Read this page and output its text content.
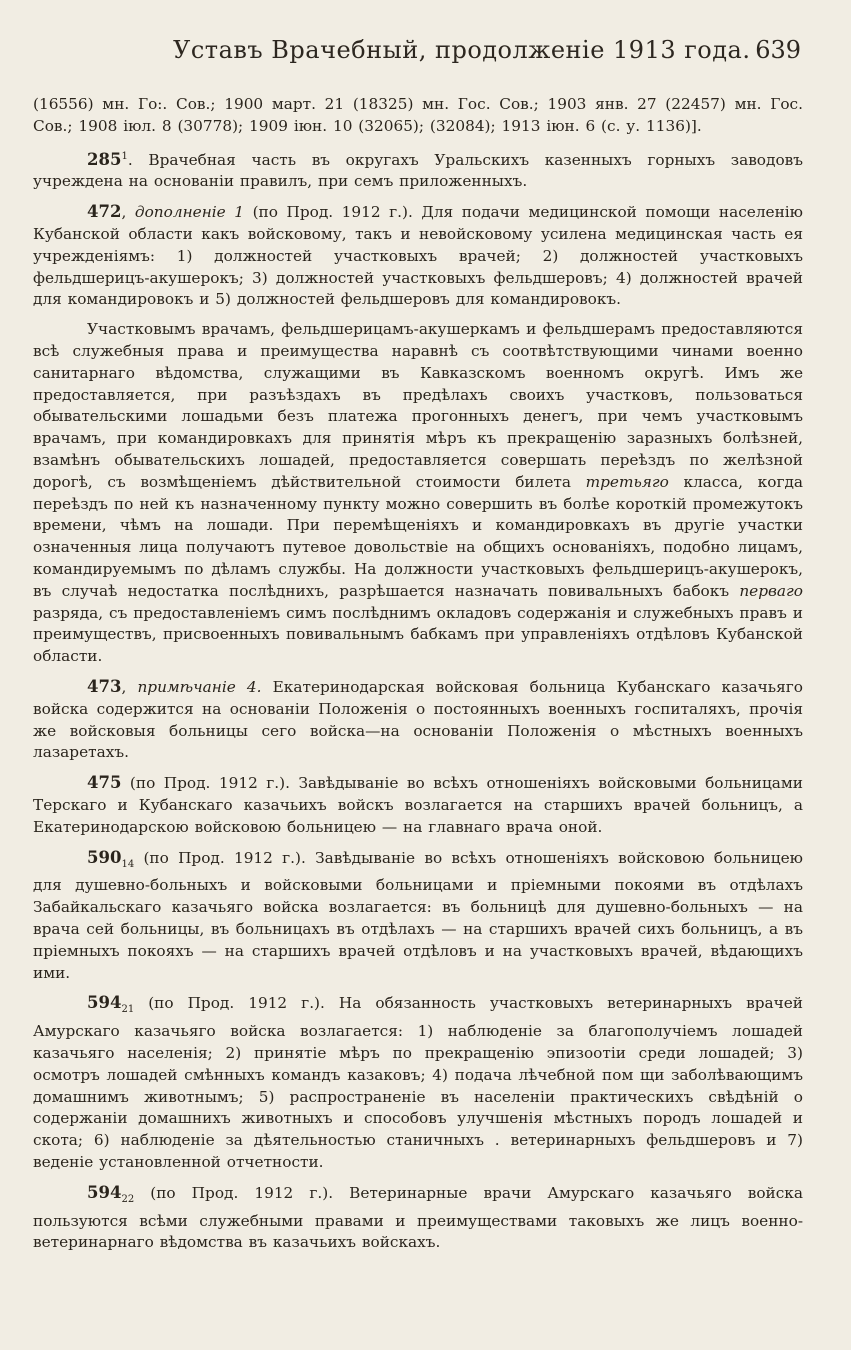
Уставъ Врачебный, продолженіе 1913 года. 639

(16556) мн. Го:. Сов.; 1900 март. 21 (18325) мн. Гос. Сов.; 1903 янв. 27 (22457) мн. Гос. Сов.; 1908 іюл. 8 (30778); 1909 іюн. 10 (32065); (32084); 1913 іюн. 6 (с. у. 1136)].

$285^1$. Врачебная часть въ округахъ Уральскихъ казенныхъ горныхъ заводовъ учреждена на основаніи правилъ, при семъ приложенныхъ.

472, дополненіе 1 (по Прод. 1912 г.). Для подачи медицинской помощи населенію Кубанской области какъ войсковому, такъ и невойсковому усилена медицинская часть ея учрежденіямъ: 1) должностей участковыхъ врачей; 2) должностей участковыхъ фельдшерицъ-акушерокъ; 3) должностей участковыхъ фельдшеровъ; 4) должностей врачей для командировокъ и 5) должностей фельдшеровъ для командировокъ.

Участковымъ врачамъ, фельдшерицамъ-акушеркамъ и фельдшерамъ предоставляются всѣ служебныя права и преимущества наравнѣ съ соотвѣтствующими чинами военно санитарнаго вѣдомства, служащими въ Кавказскомъ военномъ округѣ. Имъ же предоставляется, при разъѣздахъ въ предѣлахъ своихъ участковъ, пользоваться обывательскими лошадьми безъ платежа прогонныхъ денегъ, при чемъ участковымъ врачамъ, при командировкахъ для принятія мѣръ къ прекращенію заразныхъ болѣзней, взамѣнъ обывательскихъ лошадей, предоставляется совершать переѣздъ по желѣзной дорогѣ, съ возмѣщеніемъ дѣйствительной стоимости билета третьяго класса, когда переѣздъ по ней къ назначенному пункту можно совершить въ болѣе короткій промежутокъ времени, чѣмъ на лошади. При перемѣщеніяхъ и командировкахъ въ другіе участки означенныя лица получаютъ путевое довольствіе на общихъ основаніяхъ, подобно лицамъ, командируемымъ по дѣламъ службы. На должности участковыхъ фельдшерицъ-акушерокъ, въ случаѣ недостатка послѣднихъ, разрѣшается назначать повивальныхъ бабокъ перваго разряда, съ предоставленіемъ симъ послѣднимъ окладовъ содержанія и служебныхъ правъ и преимуществъ, присвоенныхъ повивальнымъ бабкамъ при управленіяхъ отдѣловъ Кубанской области.

473, примѣчаніе 4. Екатеринодарская войсковая больница Кубанскаго казачьяго войска содержится на основаніи Положенія о постоянныхъ военныхъ госпиталяхъ, прочія же войсковыя больницы сего войска—на основаніи Положенія о мѣстныхъ военныхъ лазаретахъ.

475 (по Прод. 1912 г.). Завѣдываніе во всѣхъ отношеніяхъ войсковыми больницами Терскаго и Кубанскаго казачьихъ войскъ возлагается на старшихъ врачей больницъ, а Екатеринодарскою войсковою больницею — на главнаго врача оной.

$590_{14}$ (по Прод. 1912 г.). Завѣдываніе во всѣхъ отношеніяхъ войсковою больницею для душевно-больныхъ и войсковыми больницами и пріемными покоями въ отдѣлахъ Забайкальскаго казачьяго войска возлагается: въ больницѣ для душевно-больныхъ — на врача сей больницы, въ больницахъ въ отдѣлахъ — на старшихъ врачей сихъ больницъ, а въ пріемныхъ покояхъ — на старшихъ врачей отдѣловъ и на участковыхъ врачей, вѣдающихъ ими.

$594_{21}$ (по Прод. 1912 г.). На обязанность участковыхъ ветеринарныхъ врачей Амурскаго казачьяго войска возлагается: 1) наблюденіе за благополучіемъ лошадей казачьяго населенія; 2) принятіе мѣръ по прекращенію эпизоотіи среди лошадей; 3) осмотръ лошадей смѣнныхъ командъ казаковъ; 4) подача лѣчебной пом щи заболѣвающимъ домашнимъ животнымъ; 5) распространеніе въ населеніи практическихъ свѣдѣній о содержаніи домашнихъ животныхъ и способовъ улучшенія мѣстныхъ породъ лошадей и скота; 6) наблюденіе за дѣятельностью станичныхъ . ветеринарныхъ фельдшеровъ и 7) веденіе установленной отчетности.

$594_{22}$ (по Прод. 1912 г.). Ветеринарные врачи Амурскаго казачьяго войска пользуются всѣми служебными правами и преимуществами таковыхъ же лицъ военно-ветеринарнаго вѣдомства въ казачьихъ войскахъ.
